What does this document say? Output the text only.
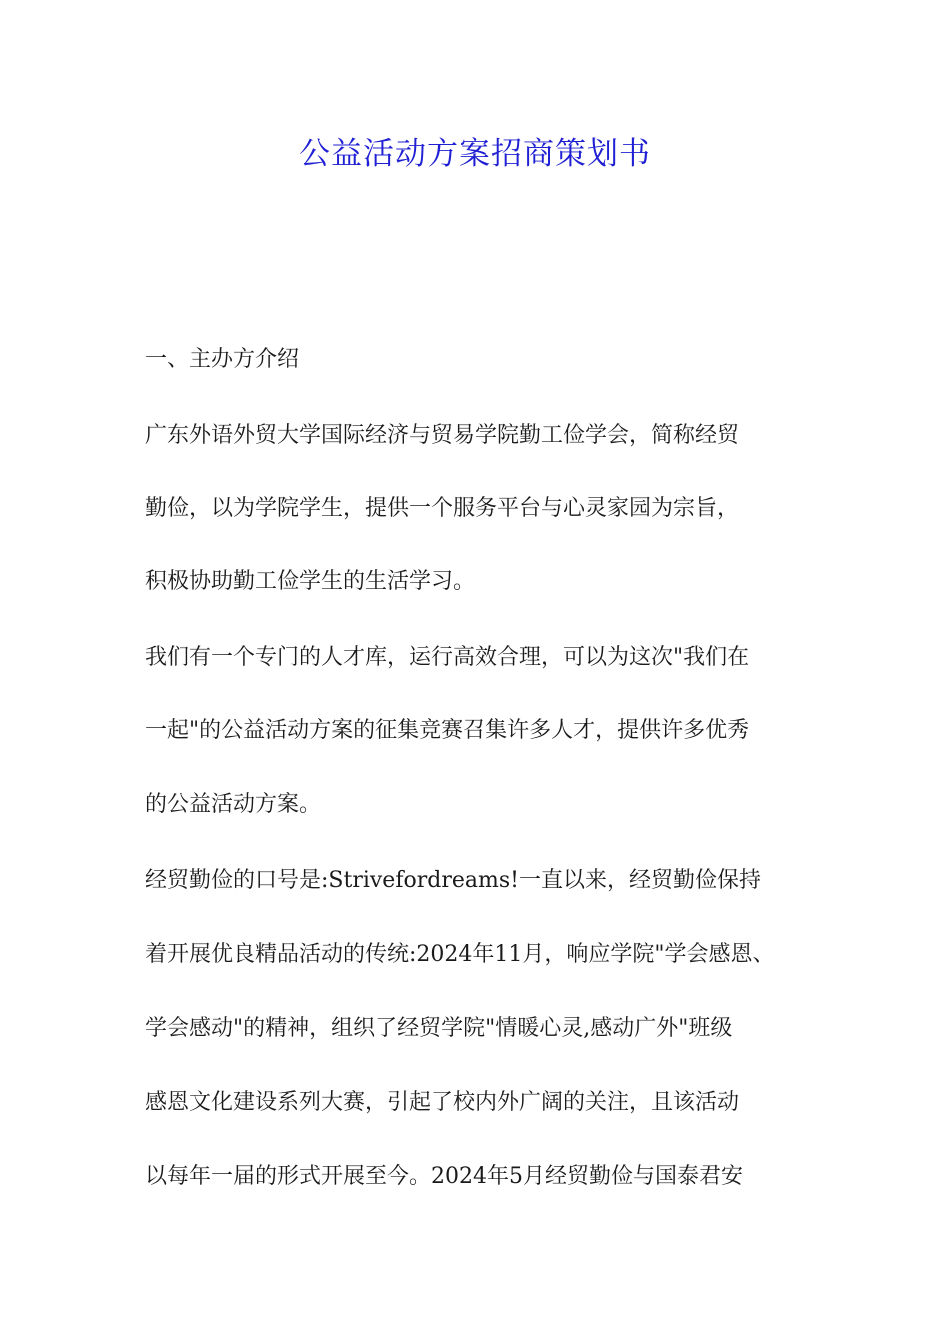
公益活动方案招商策划书
一、主办方介绍
广东外语外贸大学国际经济与贸易学院勤工俭学会，简称经贸
勤俭，以为学院学生，提供一个服务平台与心灵家园为宗旨，
积极协助勤工俭学生的生活学习。
我们有一个专门的人才库，运行高效合理，可以为这次"我们在
一起"的公益活动方案的征集竞赛召集许多人才，提供许多优秀
的公益活动方案。
经贸勤俭的口号是:Strivefordreams!一直以来，经贸勤俭保持
着开展优良精品活动的传统:2024年11月，响应学院"学会感恩、
学会感动"的精神，组织了经贸学院"情暖心灵,感动广外"班级
感恩文化建设系列大赛，引起了校内外广阔的关注，且该活动
以每年一届的形式开展至今。2024年5月经贸勤俭与国泰君安
